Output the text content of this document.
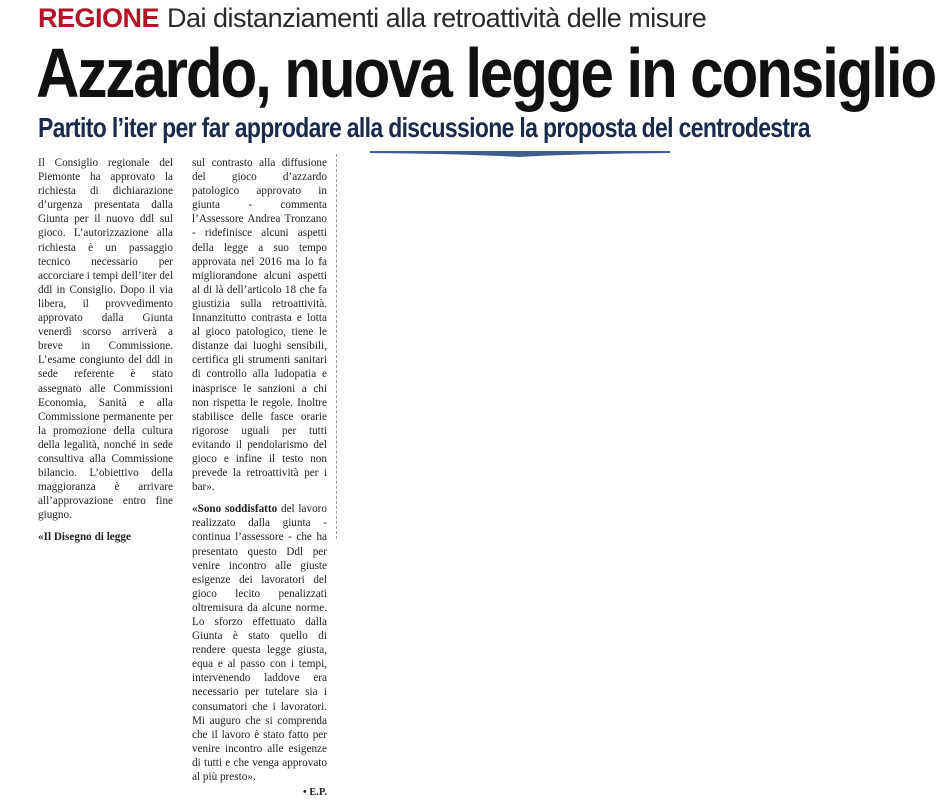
REGIONE Dai distanziamenti alla retroattività delle misure
Azzardo, nuova legge in consiglio
Partito l’iter per far approdare alla discussione la proposta del centrodestra

Il Consiglio regionale del Piemonte ha approvato la richiesta di dichiarazione d’urgenza presentata dalla Giunta per il nuovo ddl sul gioco. L’autorizzazione alla richiesta è un passaggio tecnico necessario per accorciare i tempi dell’iter del ddl in Consiglio. Dopo il via libera, il provvedimento approvato dalla Giunta venerdì scorso arriverà a breve in Commissione. L’esame congiunto del ddl in sede referente è stato assegnato alle Commissioni Economia, Sanità e alla Commissione permanente per la promozione della cultura della legalità, nonché in sede consultiva alla Commissione bilancio. L’obiettivo della maggioranza è arrivare all’approvazione entro fine giugno.

«Il Disegno di legge

sul contrasto alla diffusione del gioco d’azzardo patologico approvato in giunta - commenta l’Assessore Andrea Tronzano - ridefinisce alcuni aspetti della legge a suo tempo approvata nel 2016 ma lo fa migliorandone alcuni aspetti al di là dell’articolo 18 che fa giustizia sulla retroattività. Innanzitutto contrasta e lotta al gioco patologico, tiene le distanze dai luoghi sensibili, certifica gli strumenti sanitari di controllo alla ludopatia e inasprisce le sanzioni a chi non rispetta le regole. Inoltre stabilisce delle fasce orarie rigorose uguali per tutti evitando il pendolarismo del gioco e infine il testo non prevede la retroattività per i bar».

«Sono soddisfatto del lavoro realizzato dalla giunta - continua l’assessore - che ha presentato questo Ddl per venire incontro alle giuste esigenze dei lavoratori del gioco lecito penalizzati oltremisura da alcune norme. Lo sforzo effettuato dalla Giunta è stato quello di rendere questa legge giusta, equa e al passo con i tempi, intervenendo laddove era necessario per tutelare sia i consumatori che i lavoratori. Mi auguro che si comprenda che il lavoro è stato fatto per venire incontro alle esigenze di tutti e che venga approvato al più presto».

• E.P.
